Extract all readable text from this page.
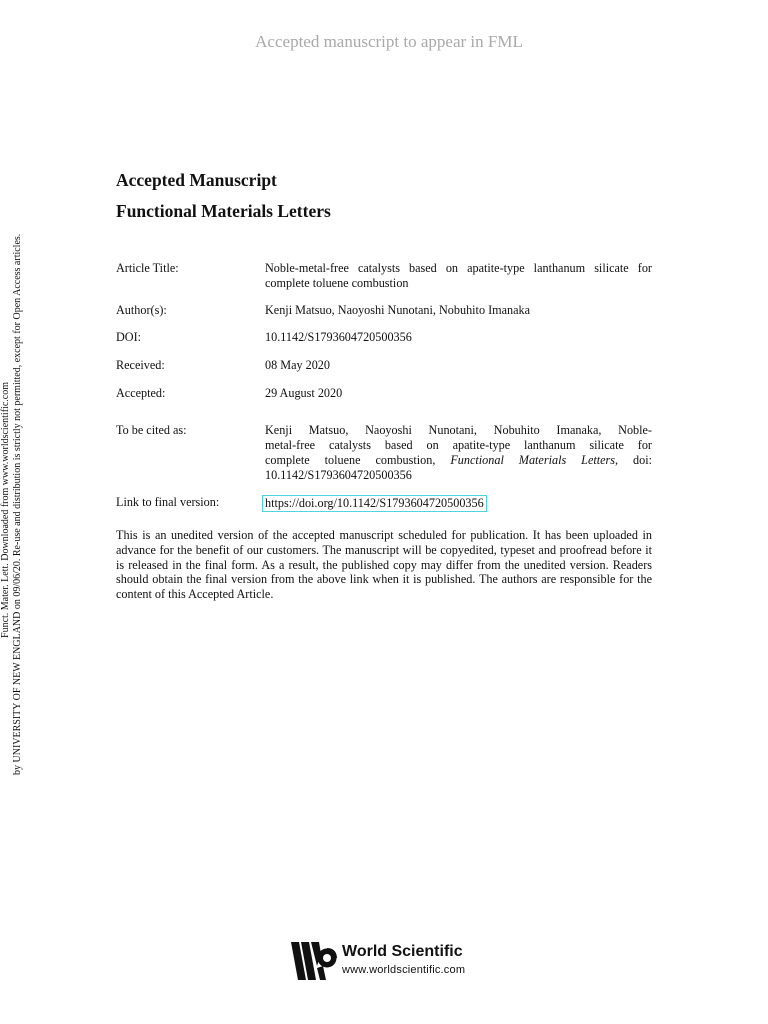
Accepted manuscript to appear in FML
Funct. Mater. Lett. Downloaded from www.worldscientific.com by UNIVERSITY OF NEW ENGLAND on 09/06/20. Re-use and distribution is strictly not permitted, except for Open Access articles.
Accepted Manuscript
Functional Materials Letters
Article Title:	Noble-metal-free catalysts based on apatite-type lanthanum silicate for
complete toluene combustion
Author(s):	Kenji Matsuo, Naoyoshi Nunotani, Nobuhito Imanaka
DOI:	10.1142/S1793604720500356
Received:	08 May 2020
Accepted:	29 August 2020
To be cited as:	Kenji Matsuo, Naoyoshi Nunotani, Nobuhito Imanaka, Noble-
metal-free catalysts based on apatite-type lanthanum silicate for
complete toluene combustion, Functional Materials Letters, doi:
10.1142/S1793604720500356
Link to final version:	https://doi.org/10.1142/S1793604720500356
This is an unedited version of the accepted manuscript scheduled for publication. It has been uploaded in advance for the benefit of our customers. The manuscript will be copyedited, typeset and proofread before it is released in the final form. As a result, the published copy may differ from the unedited version. Readers should obtain the final version from the above link when it is published. The authors are responsible for the content of this Accepted Article.
World Scientific
www.worldscientific.com
